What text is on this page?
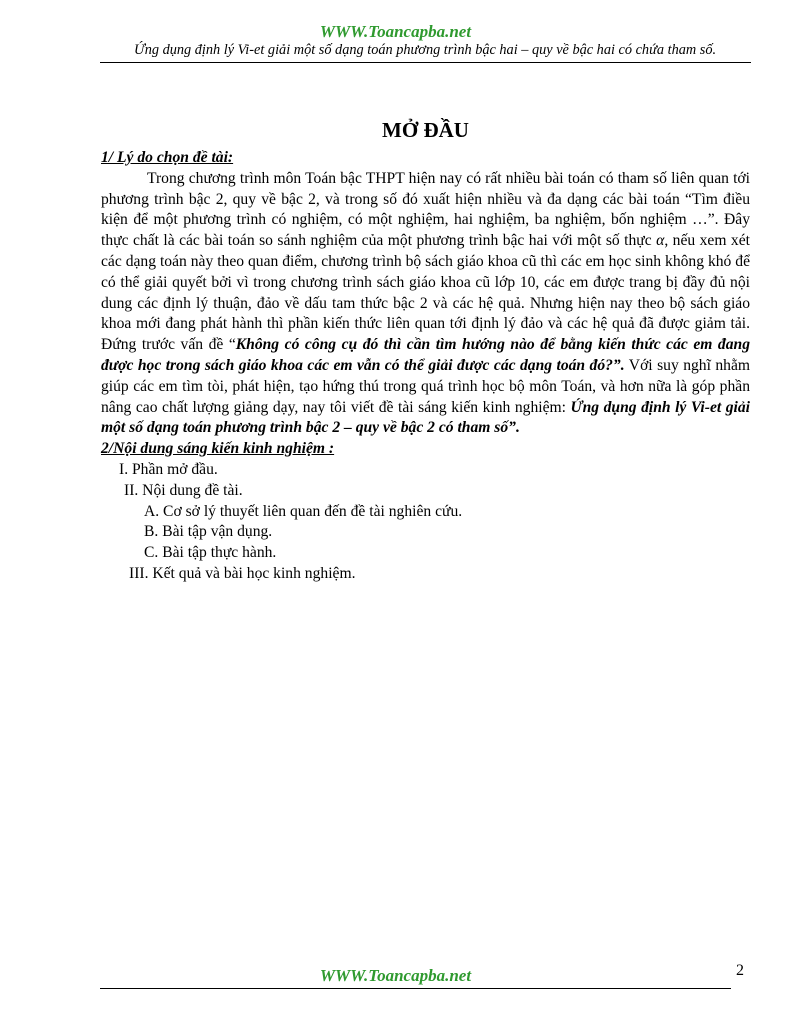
WWW.Toancapba.net
Ứng dụng định lý Vi-et giải một số dạng toán phương trình bậc hai – quy về bậc hai có chứa tham số.
MỞ ĐẦU

1/ Lý do chọn đề tài:

Trong chương trình môn Toán bậc THPT hiện nay có rất nhiều bài toán có tham số liên quan tới phương trình bậc 2, quy về bậc 2, và trong số đó xuất hiện nhiều và đa dạng các bài toán “Tìm điều kiện để một phương trình có nghiệm, có một nghiệm, hai nghiệm, ba nghiệm, bốn nghiệm …”. Đây thực chất là các bài toán so sánh nghiệm của một phương trình bậc hai với một số thực α, nếu xem xét các dạng toán này theo quan điểm, chương trình bộ sách giáo khoa cũ thì các em học sinh không khó để có thể giải quyết bởi vì trong chương trình sách giáo khoa cũ lớp 10, các em được trang bị đầy đủ nội dung các định lý thuận, đảo về dấu tam thức bậc 2 và các hệ quả. Nhưng hiện nay theo bộ sách giáo khoa mới đang phát hành thì phần kiến thức liên quan tới định lý đảo và các hệ quả đã được giảm tải. Đứng trước vấn đề “Không có công cụ đó thì cần tìm hướng nào để bằng kiến thức các em đang được học trong sách giáo khoa các em vẫn có thể giải được các dạng toán đó?”. Với suy nghĩ nhằm giúp các em tìm tòi, phát hiện, tạo hứng thú trong quá trình học bộ môn Toán, và hơn nữa là góp phần nâng cao chất lượng giảng dạy, nay tôi viết đề tài sáng kiến kinh nghiệm: Ứng dụng định lý Vi-et giải một số dạng toán phương trình bậc 2 – quy về bậc 2 có tham số”.

2/Nội dung sáng kiến kinh nghiệm :

I. Phần mở đầu.
II. Nội dung đề tài.
A. Cơ sở lý thuyết liên quan đến đề tài nghiên cứu.
B. Bài tập vận dụng.
C. Bài tập thực hành.
III. Kết quả và bài học kinh nghiệm.
WWW.Toancapba.net	2
